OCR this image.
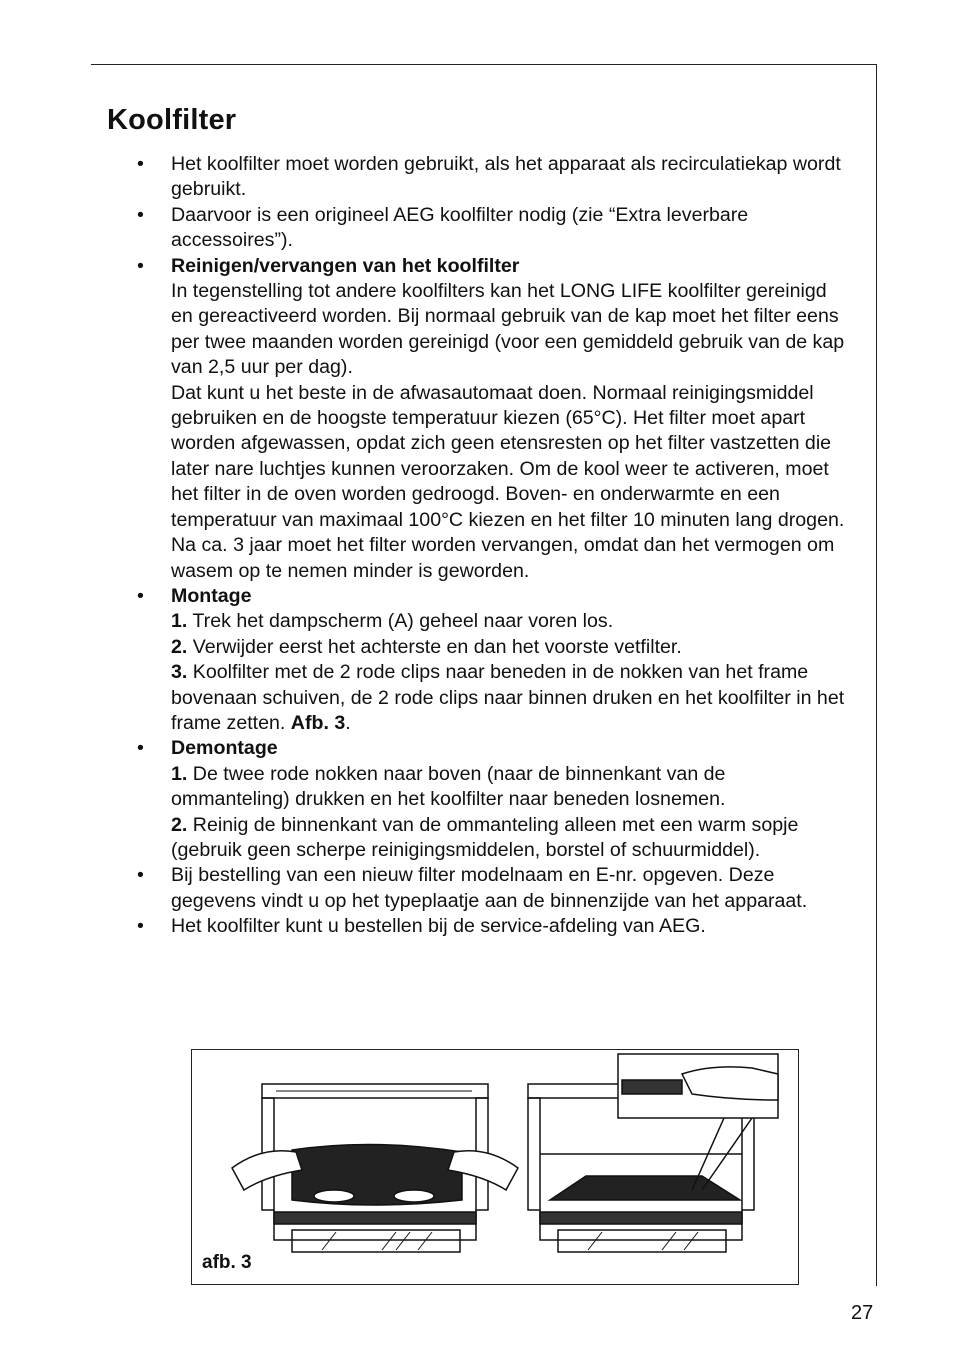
Koolfilter
•	Het koolfilter moet worden gebruikt, als het apparaat als recirculatiekap wordt gebruikt.
•	Daarvoor is een origineel AEG koolfilter nodig (zie “Extra leverbare accessoires”).
•	Reinigen/vervangen van het koolfilter
In tegenstelling tot andere koolfilters kan het LONG LIFE koolfilter gereinigd en gereactiveerd worden. Bij normaal gebruik van de kap moet het filter eens per twee maanden worden gereinigd (voor een gemiddeld gebruik van de kap van 2,5 uur per dag).
Dat kunt u het beste in de afwasautomaat doen. Normaal reinigingsmiddel gebruiken en de hoogste temperatuur kiezen (65°C). Het filter moet apart worden afgewassen, opdat zich geen etensresten op het filter vastzetten die later nare luchtjes kunnen veroorzaken. Om de kool weer te activeren, moet het filter in de oven worden gedroogd. Boven- en onderwarmte en een temperatuur van maximaal 100°C kiezen en het filter 10 minuten lang drogen.
Na ca. 3 jaar moet het filter worden vervangen, omdat dan het vermogen om wasem op te nemen minder is geworden.
•	Montage
1. Trek het dampscherm (A) geheel naar voren los.
2. Verwijder eerst het achterste en dan het voorste vetfilter.
3. Koolfilter met de 2 rode clips naar beneden in de nokken van het frame bovenaan schuiven, de 2 rode clips naar binnen druken en het koolfilter in het frame zetten. Afb. 3.
•	Demontage
1. De twee rode nokken naar boven (naar de binnenkant van de ommanteling) drukken en het koolfilter naar beneden losnemen.
2. Reinig de binnenkant van de ommanteling alleen met een warm sopje (gebruik geen scherpe reinigingsmiddelen, borstel of schuurmiddel).
•	Bij bestelling van een nieuw filter modelnaam en E-nr. opgeven. Deze gegevens vindt u op het typeplaatje aan de binnenzijde van het apparaat.
•	Het koolfilter kunt u bestellen bij de service-afdeling van AEG.
afb. 3
27
